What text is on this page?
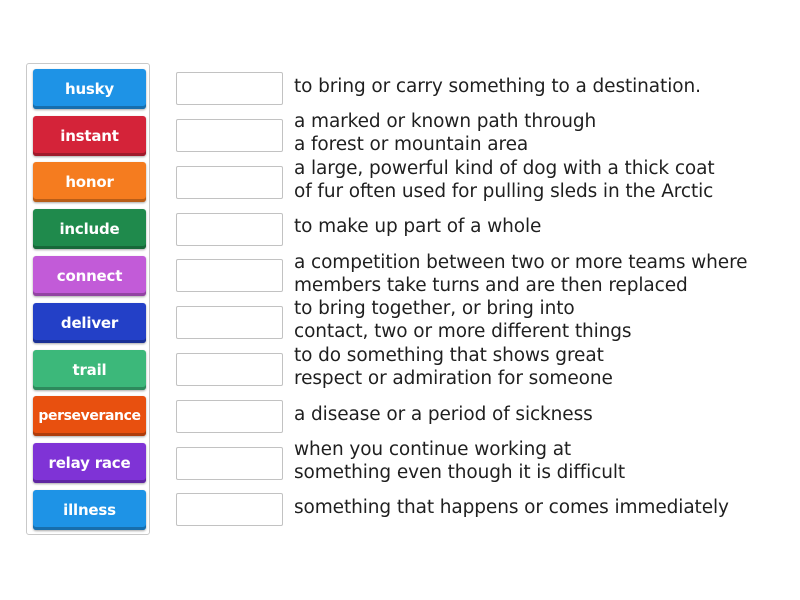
husky
instant
honor
include
connect
deliver
trail
perseverance
relay race
illness
to bring or carry something to a destination.
a marked or known path through
a forest or mountain area
a large, powerful kind of dog with a thick coat
of fur often used for pulling sleds in the Arctic
to make up part of a whole
a competition between two or more teams where
members take turns and are then replaced
to bring together, or bring into
contact, two or more different things
to do something that shows great
respect or admiration for someone
a disease or a period of sickness
when you continue working at
something even though it is difficult
something that happens or comes immediately
